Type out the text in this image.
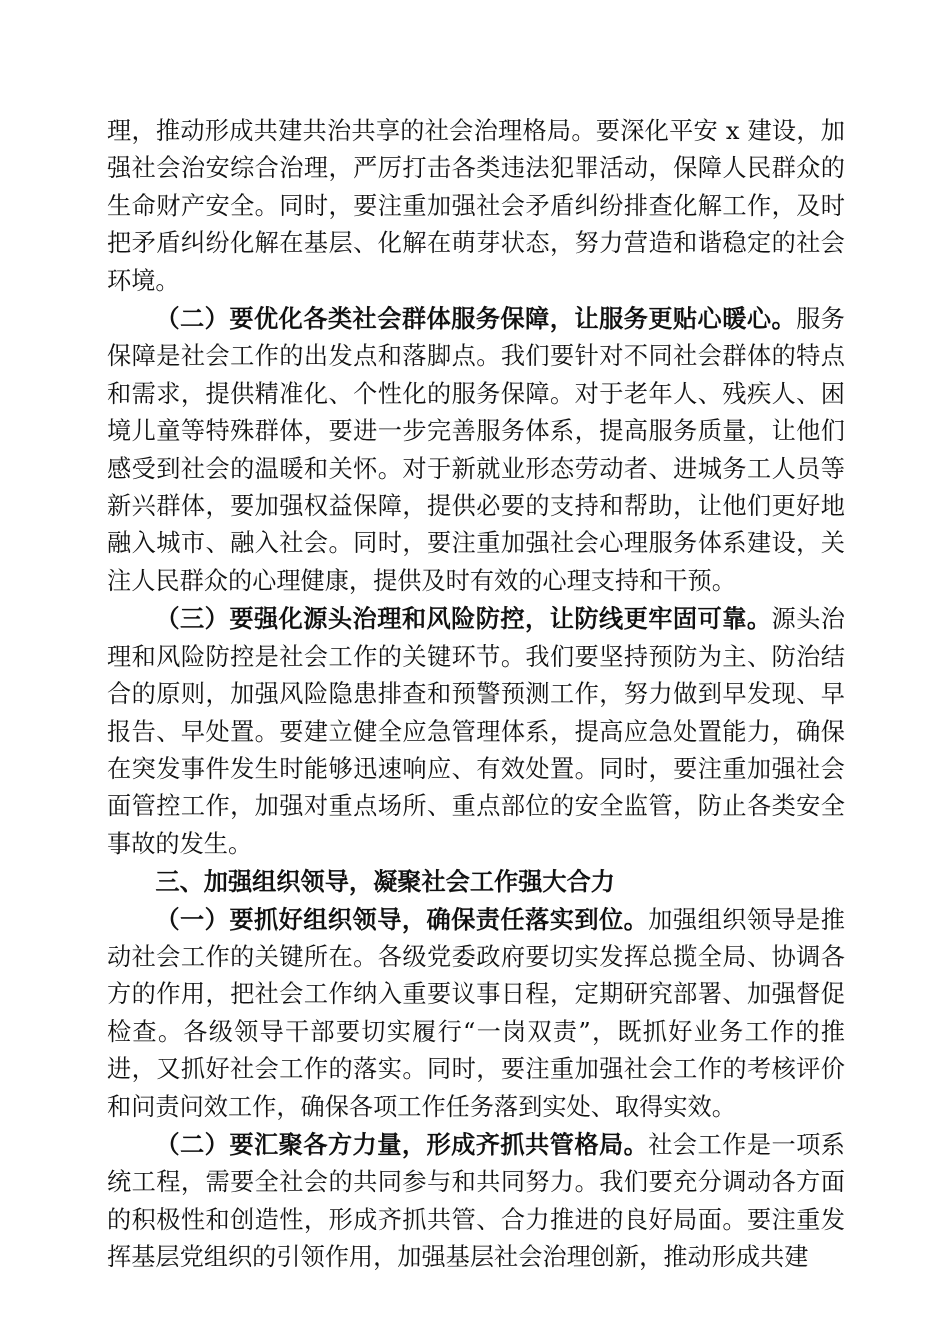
理，推动形成共建共治共享的社会治理格局。要深化平安 x 建设，加强社会治安综合治理，严厉打击各类违法犯罪活动，保障人民群众的生命财产安全。同时，要注重加强社会矛盾纠纷排查化解工作，及时把矛盾纠纷化解在基层、化解在萌芽状态，努力营造和谐稳定的社会环境。

（二）要优化各类社会群体服务保障，让服务更贴心暖心。服务保障是社会工作的出发点和落脚点。我们要针对不同社会群体的特点和需求，提供精准化、个性化的服务保障。对于老年人、残疾人、困境儿童等特殊群体，要进一步完善服务体系，提高服务质量，让他们感受到社会的温暖和关怀。对于新就业形态劳动者、进城务工人员等新兴群体，要加强权益保障，提供必要的支持和帮助，让他们更好地融入城市、融入社会。同时，要注重加强社会心理服务体系建设，关注人民群众的心理健康，提供及时有效的心理支持和干预。

（三）要强化源头治理和风险防控，让防线更牢固可靠。源头治理和风险防控是社会工作的关键环节。我们要坚持预防为主、防治结合的原则，加强风险隐患排查和预警预测工作，努力做到早发现、早报告、早处置。要建立健全应急管理体系，提高应急处置能力，确保在突发事件发生时能够迅速响应、有效处置。同时，要注重加强社会面管控工作，加强对重点场所、重点部位的安全监管，防止各类安全事故的发生。

三、加强组织领导，凝聚社会工作强大合力

（一）要抓好组织领导，确保责任落实到位。加强组织领导是推动社会工作的关键所在。各级党委政府要切实发挥总揽全局、协调各方的作用，把社会工作纳入重要议事日程，定期研究部署、加强督促检查。各级领导干部要切实履行“一岗双责”，既抓好业务工作的推进，又抓好社会工作的落实。同时，要注重加强社会工作的考核评价和问责问效工作，确保各项工作任务落到实处、取得实效。

（二）要汇聚各方力量，形成齐抓共管格局。社会工作是一项系统工程，需要全社会的共同参与和共同努力。我们要充分调动各方面的积极性和创造性，形成齐抓共管、合力推进的良好局面。要注重发挥基层党组织的引领作用，加强基层社会治理创新，推动形成共建
